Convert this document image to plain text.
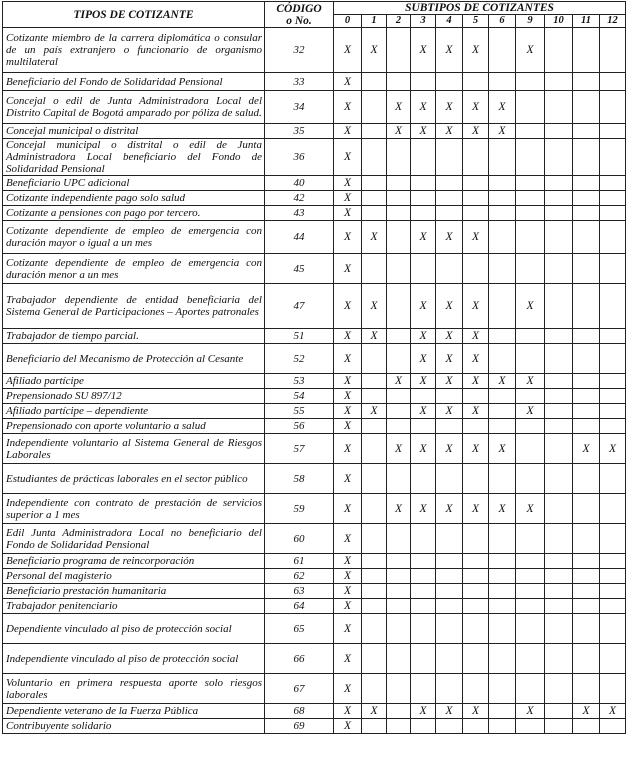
TIPOS DE COTIZANTE	CÓDIGO
o No.	SUBTIPOS DE COTIZANTES										
		0	1	2	3	4	5	6	9	10	11	12
Cotizante miembro de la carrera diplomática o consular de un país extranjero o funcionario de organismo multilateral	32	X	X		X	X	X		X			
Beneficiario del Fondo de Solidaridad Pensional	33	X										
Concejal o edil de Junta Administradora Local del Distrito Capital de Bogotá amparado por póliza de salud.	34	X		X	X	X	X	X				
Concejal municipal o distrital	35	X		X	X	X	X	X				
Concejal municipal o distrital o edil de Junta Administradora Local beneficiario del Fondo de Solidaridad Pensional	36	X										
Beneficiario UPC adicional	40	X										
Cotizante independiente pago solo salud	42	X										
Cotizante a pensiones con pago por tercero.	43	X										
Cotizante dependiente de empleo de emergencia con duración mayor o igual a un mes	44	X	X		X	X	X					
Cotizante dependiente de empleo de emergencia con duración menor a un mes	45	X										
Trabajador dependiente de entidad beneficiaria del Sistema General de Participaciones – Aportes patronales	47	X	X		X	X	X		X			
Trabajador de tiempo parcial.	51	X	X		X	X	X					
Beneficiario del Mecanismo de Protección al Cesante	52	X			X	X	X					
Afiliado partícipe	53	X		X	X	X	X	X	X			
Prepensionado SU 897/12	54	X										
Afiliado partícipe – dependiente	55	X	X		X	X	X		X			
Prepensionado con aporte voluntario a salud	56	X										
Independiente voluntario al Sistema General de Riesgos Laborales	57	X		X	X	X	X	X			X	X
Estudiantes de prácticas laborales en el sector público	58	X										
Independiente con contrato de prestación de servicios superior a 1 mes	59	X		X	X	X	X	X	X			
Edil Junta Administradora Local no beneficiario del Fondo de Solidaridad Pensional	60	X										
Beneficiario programa de reincorporación	61	X										
Personal del magisterio	62	X										
Beneficiario prestación humanitaria	63	X										
Trabajador penitenciario	64	X										
Dependiente vinculado al piso de protección social	65	X										
Independiente vinculado al piso de protección social	66	X										
Voluntario en primera respuesta aporte solo riesgos laborales	67	X										
Dependiente veterano de la Fuerza Pública	68	X	X		X	X	X		X		X	X
Contribuyente solidario	69	X										
